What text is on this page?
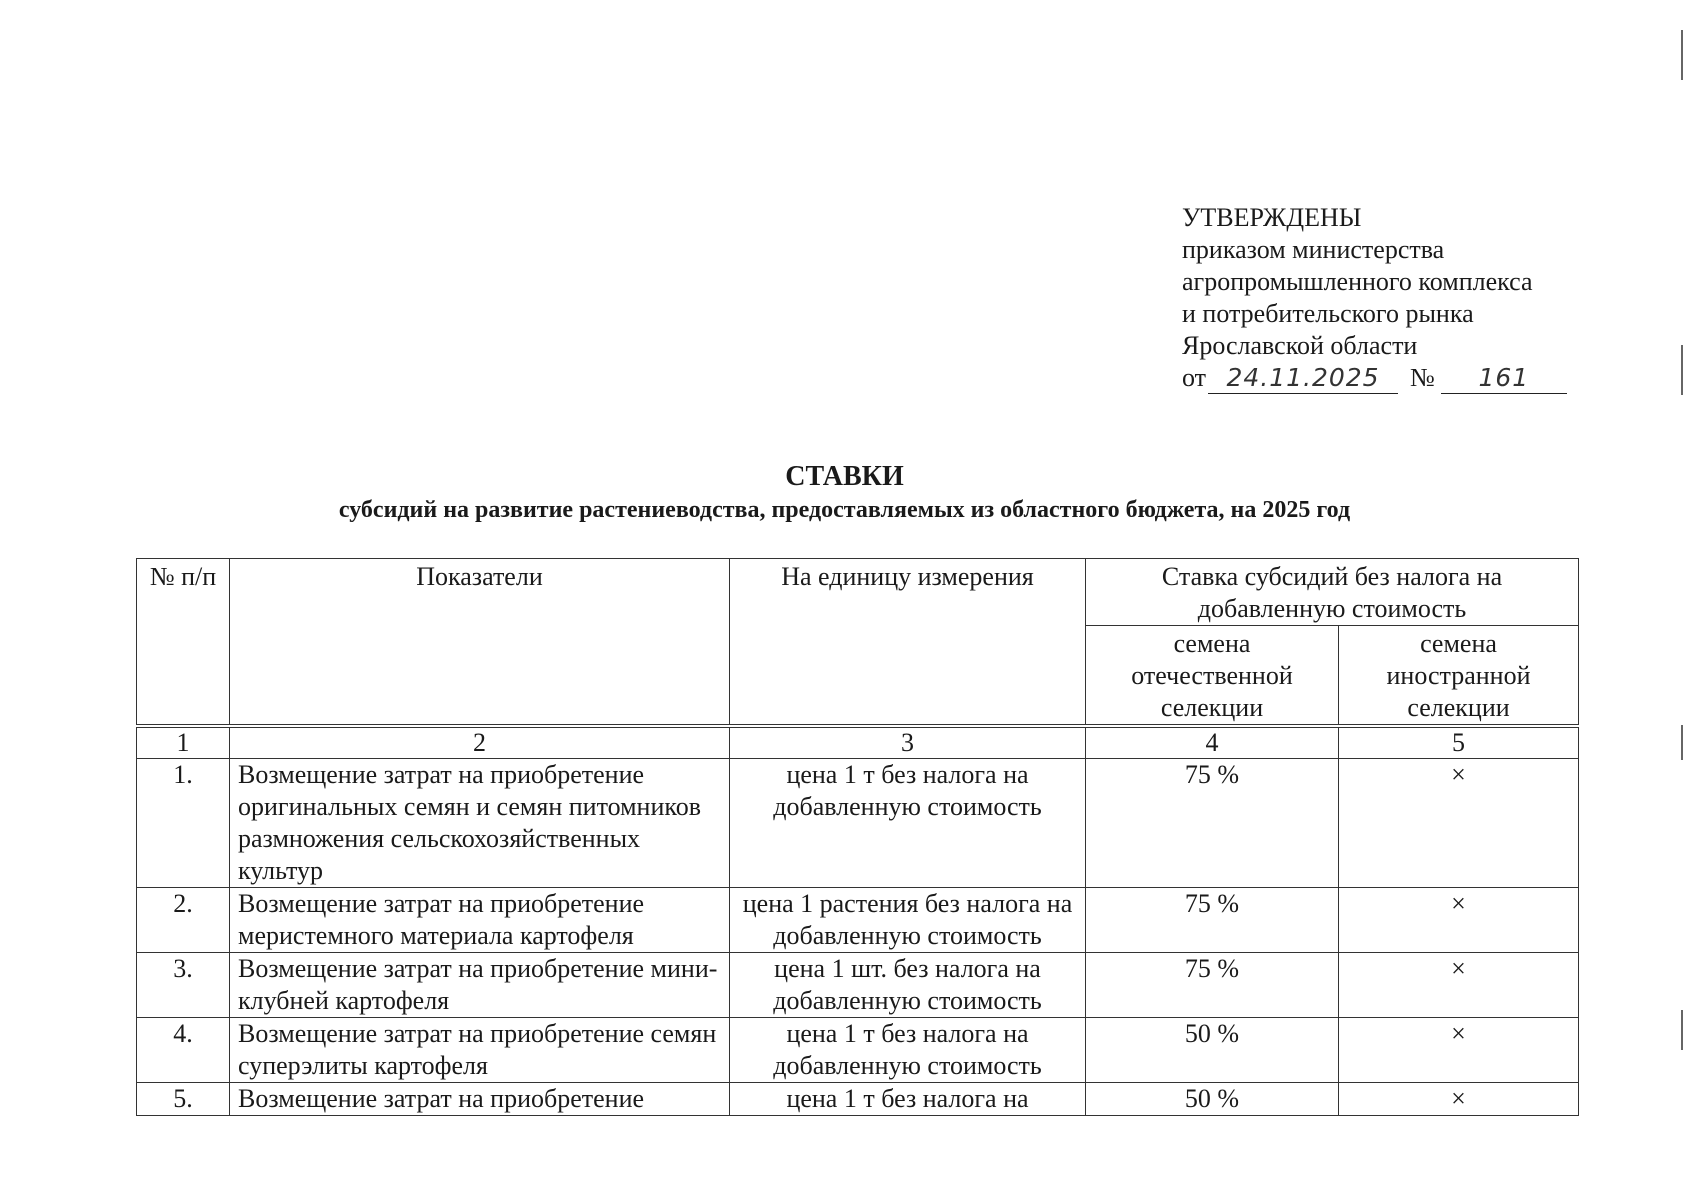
УТВЕРЖДЕНЫ
приказом министерства
агропромышленного комплекса
и потребительского рынка
Ярославской области
от 24.11.2025	№	161
СТАВКИ
субсидий на развитие растениеводства, предоставляемых из областного бюджета, на 2025 год
№ п/п	Показатели	На единицу измерения	Ставка субсидий без налога на добавленную стоимость	
			семена отечественной селекции	семена иностранной селекции
1	2	3	4	5
1.	Возмещение затрат на приобретение оригинальных семян и семян питомников размножения сельскохозяйственных культур	цена 1 т без налога на добавленную стоимость	75 %	×
2.	Возмещение затрат на приобретение меристемного материала картофеля	цена 1 растения без налога на добавленную стоимость	75 %	×
3.	Возмещение затрат на приобретение мини-клубней картофеля	цена 1 шт. без налога на добавленную стоимость	75 %	×
4.	Возмещение затрат на приобретение семян суперэлиты картофеля	цена 1 т без налога на добавленную стоимость	50 %	×
5.	Возмещение затрат на приобретение	цена 1 т без налога на	50 %	×
